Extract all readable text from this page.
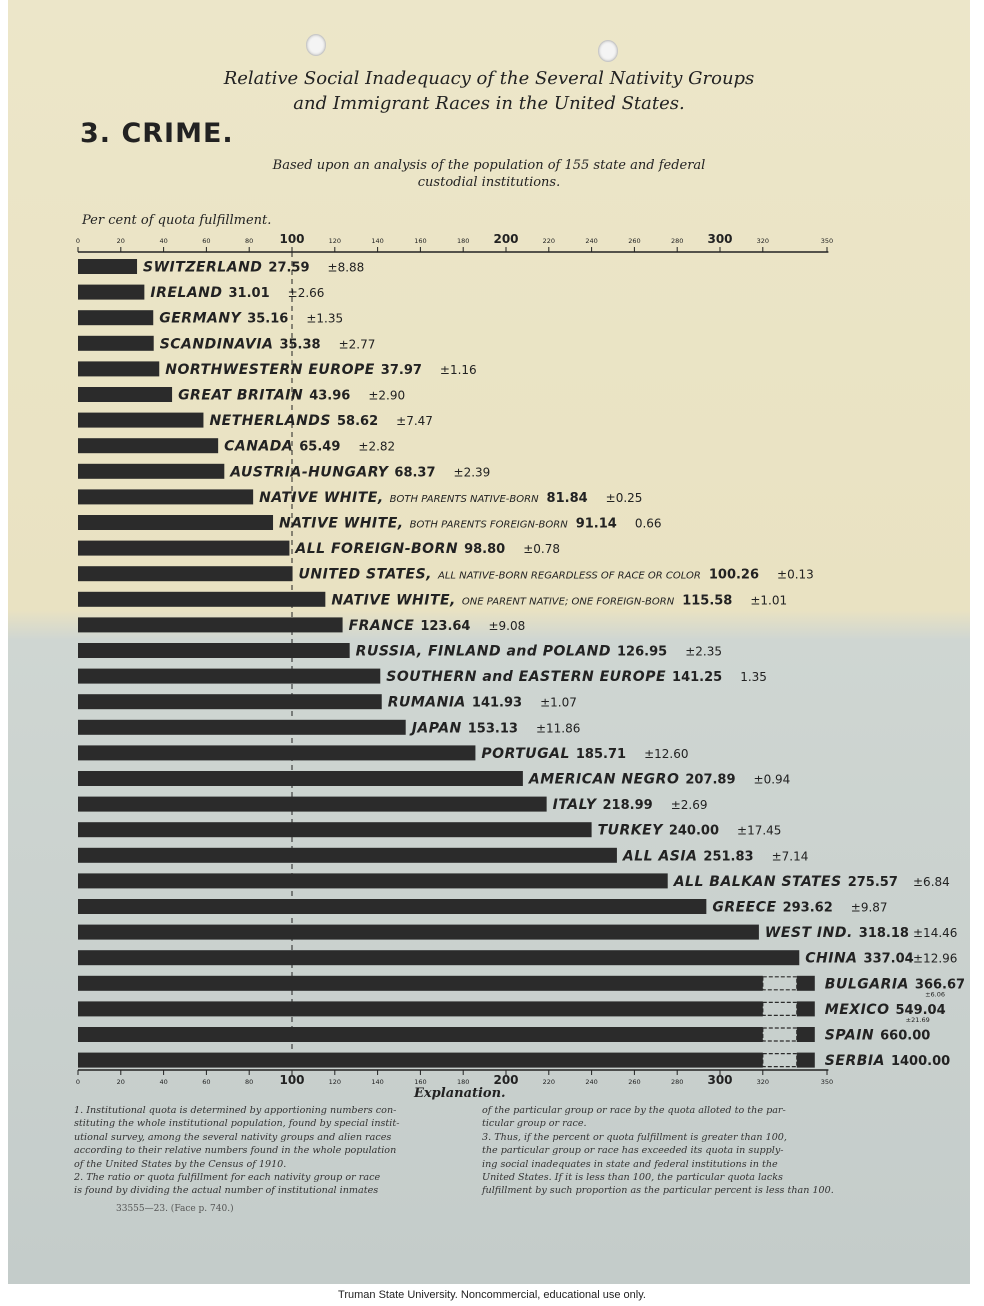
Relative Social Inadequacy of the Several Nativity Groups
and Immigrant Races in the United States.
3. CRIME.
Based upon an analysis of the population of 155 state and federal
custodial institutions.
Per cent of quota fulfillment.
0
0
20
20
40
40
60
60
80
80
100
100
120
120
140
140
160
160
180
180
200
200
220
220
240
240
260
260
280
280
300
300
320
320
350
350
SWITZERLAND 27.59 ±8.88
IRELAND 31.01 ±2.66
GERMANY 35.16 ±1.35
SCANDINAVIA 35.38 ±2.77
NORTHWESTERN EUROPE 37.97 ±1.16
GREAT BRITAIN 43.96 ±2.90
NETHERLANDS 58.62 ±7.47
CANADA 65.49 ±2.82
AUSTRIA-HUNGARY 68.37 ±2.39
NATIVE WHITE, BOTH PARENTS NATIVE-BORN 81.84 ±0.25
NATIVE WHITE, BOTH PARENTS FOREIGN-BORN 91.14 0.66
ALL FOREIGN-BORN 98.80 ±0.78
UNITED STATES, ALL NATIVE-BORN REGARDLESS OF RACE OR COLOR 100.26 ±0.13
NATIVE WHITE, ONE PARENT NATIVE; ONE FOREIGN-BORN 115.58 ±1.01
FRANCE 123.64 ±9.08
RUSSIA, FINLAND and POLAND 126.95 ±2.35
SOUTHERN and EASTERN EUROPE 141.25 1.35
RUMANIA 141.93 ±1.07
JAPAN 153.13 ±11.86
PORTUGAL 185.71 ±12.60
AMERICAN NEGRO 207.89 ±0.94
ITALY 218.99 ±2.69
TURKEY 240.00 ±17.45
ALL ASIA 251.83 ±7.14
ALL BALKAN STATES 275.57 ±6.84
GREECE 293.62 ±9.87
WEST IND. 318.18 ±14.46
CHINA 337.04 ±12.96
BULGARIA 366.67
±6.06
MEXICO 549.04
±21.69
SPAIN 660.00
SERBIA 1400.00
Explanation.
1. Institutional quota is determined by apportioning numbers con-
stituting the whole institutional population, found by special instit-
utional survey, among the several nativity groups and alien races
according to their relative numbers found in the whole population
of the United States by the Census of 1910.
2. The ratio or quota fulfillment for each nativity group or race
is found by dividing the actual number of institutional inmates
of the particular group or race by the quota alloted to the par-
ticular group or race.
3. Thus, if the percent or quota fulfillment is greater than 100,
the particular group or race has exceeded its quota in supply-
ing social inadequates in state and federal institutions in the
United States. If it is less than 100, the particular quota lacks
fulfillment by such proportion as the particular percent is less than 100.
33555—23. (Face p. 740.)
Truman State University. Noncommercial, educational use only.
